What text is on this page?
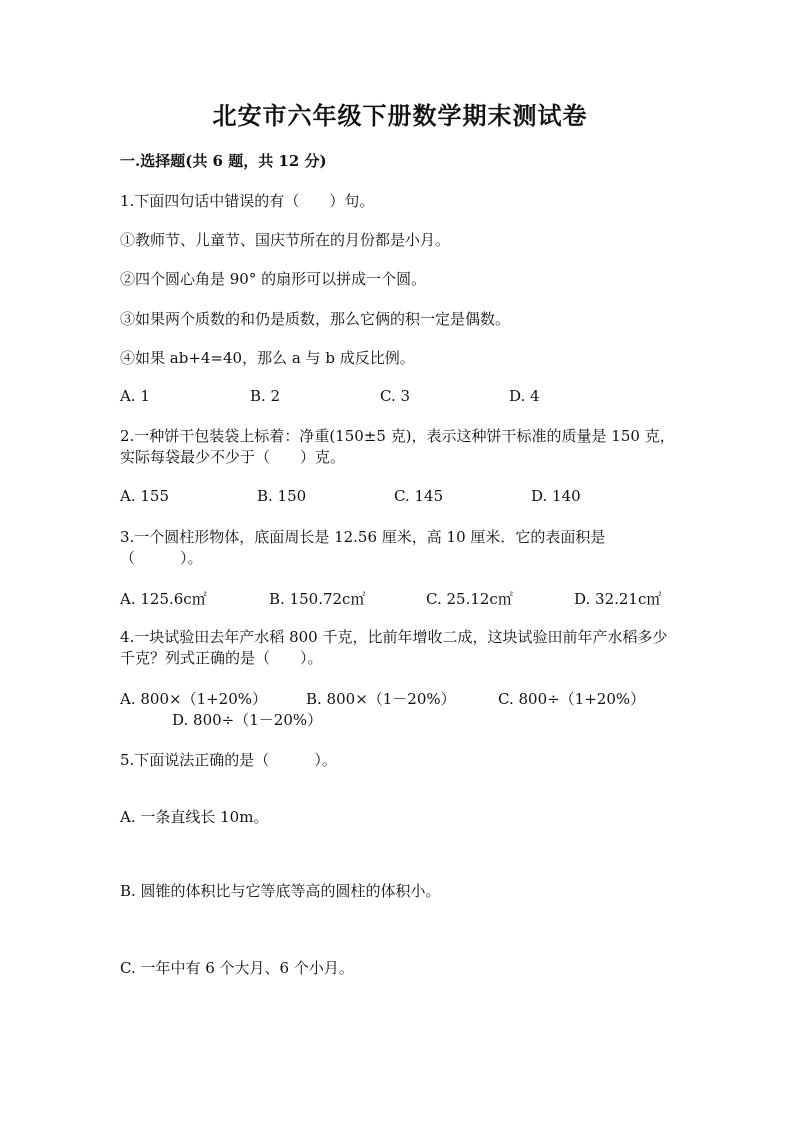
北安市六年级下册数学期末测试卷
一.选择题(共 6 题，共 12 分)
1.下面四句话中错误的有（　　）句。
①教师节、儿童节、国庆节所在的月份都是小月。
②四个圆心角是 90° 的扇形可以拼成一个圆。
③如果两个质数的和仍是质数，那么它俩的积一定是偶数。
④如果 ab+4=40，那么 a 与 b 成反比例。
A. 1	B. 2	C. 3	D. 4
2.一种饼干包装袋上标着：净重(150±5 克)，表示这种饼干标准的质量是 150 克，实际每袋最少不少于（　　）克。
A. 155	B. 150	C. 145	D. 140
3.一个圆柱形物体，底面周长是 12.56 厘米，高 10 厘米．它的表面积是（　　　）。
A. 125.6c㎡	B. 150.72c㎡	C. 25.12c㎡	D. 32.21c㎡
4.一块试验田去年产水稻 800 千克，比前年增收二成，这块试验田前年产水稻多少千克？列式正确的是（　　）。
A. 800×（1+20%）	B. 800×（1－20%）	C. 800÷（1+20%）
D. 800÷（1－20%）
5.下面说法正确的是（　　　）。
A. 一条直线长 10m。
B. 圆锥的体积比与它等底等高的圆柱的体积小。
C. 一年中有 6 个大月、6 个小月。
